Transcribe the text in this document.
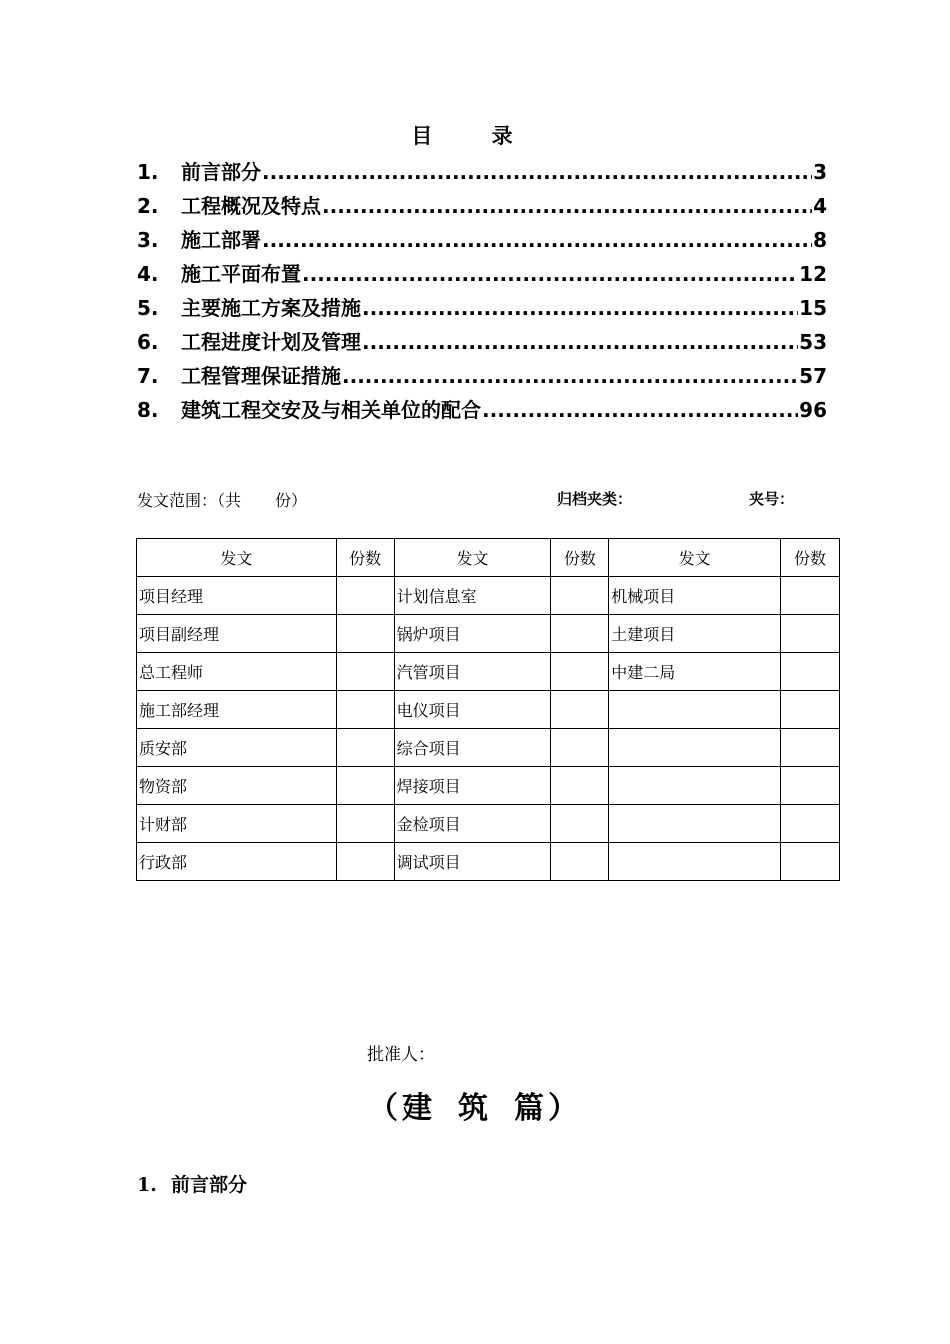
目 录
1.	前言部分 .....	3
2.	工程概况及特点 .....	4
3.	施工部署 .....	8
4.	施工平面布置 .....	12
5.	主要施工方案及措施 .....	15
6.	工程进度计划及管理 .....	53
7.	工程管理保证措施 .....	57
8.	建筑工程交安及与相关单位的配合 .....	96
发文范围：（共 份）	归档夹类：	夹号：
发文	份数	发文	份数	发文	份数
项目经理		计划信息室		机械项目	
项目副经理		锅炉项目		土建项目	
总工程师		汽管项目		中建二局	
施工部经理		电仪项目			
质安部		综合项目			
物资部		焊接项目			
计财部		金检项目			
行政部		调试项目			
批准人：
（建 筑 篇）
1. 前言部分
